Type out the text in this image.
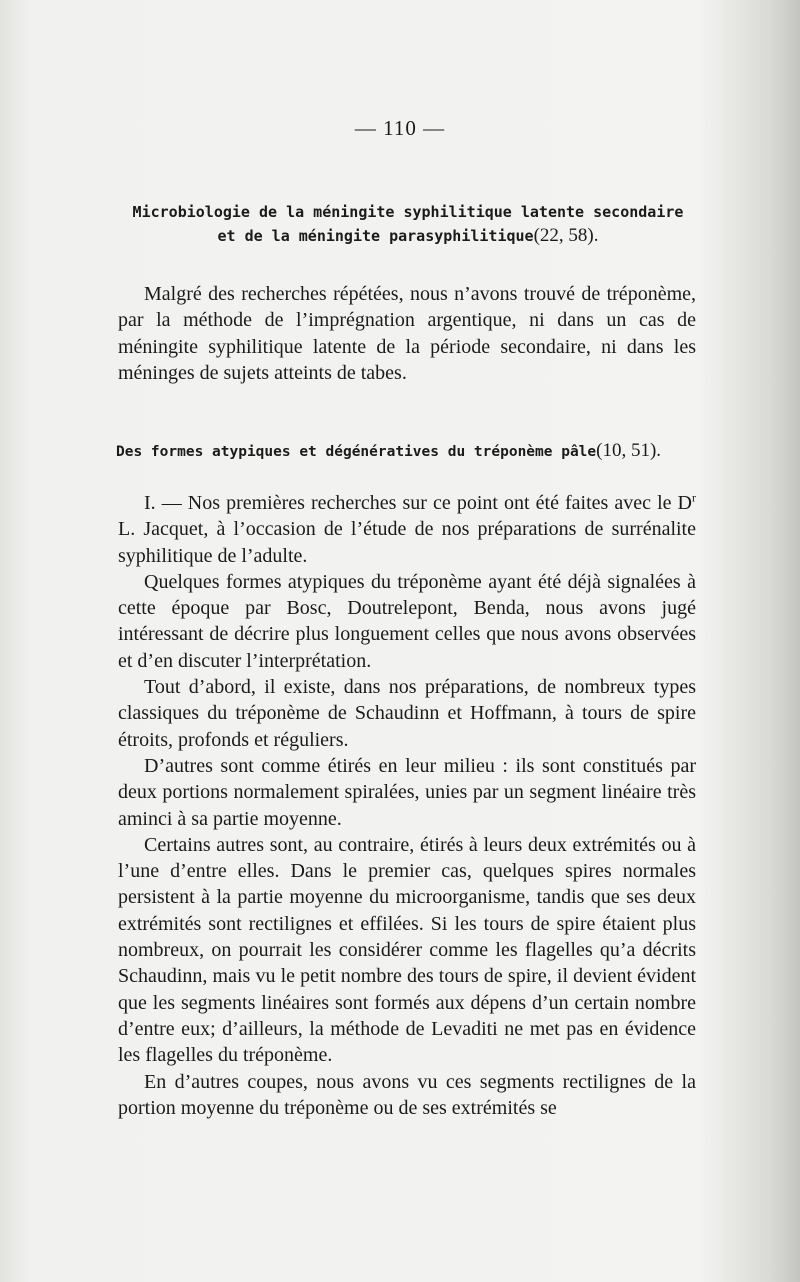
— 110 —
Microbiologie de la méningite syphilitique latente secondaire
et de la méningite parasyphilitique(22, 58).

Malgré des recherches répétées, nous n’avons trouvé de tréponème, par la méthode de l’imprégnation argentique, ni dans un cas de méningite syphilitique latente de la période secondaire, ni dans les méninges de sujets atteints de tabes.

Des formes atypiques et dégénératives du tréponème pâle(10, 51).

I. — Nos premières recherches sur ce point ont été faites avec le $D^r$ L. Jacquet, à l’occasion de l’étude de nos préparations de surrénalite syphilitique de l’adulte.

Quelques formes atypiques du tréponème ayant été déjà signalées à cette époque par Bosc, Doutrelepont, Benda, nous avons jugé intéressant de décrire plus longuement celles que nous avons observées et d’en discuter l’interprétation.

Tout d’abord, il existe, dans nos préparations, de nombreux types classiques du tréponème de Schaudinn et Hoffmann, à tours de spire étroits, profonds et réguliers.

D’autres sont comme étirés en leur milieu : ils sont constitués par deux portions normalement spiralées, unies par un segment linéaire très aminci à sa partie moyenne.

Certains autres sont, au contraire, étirés à leurs deux extrémités ou à l’une d’entre elles. Dans le premier cas, quelques spires normales persistent à la partie moyenne du microorganisme, tandis que ses deux extrémités sont rectilignes et effilées. Si les tours de spire étaient plus nombreux, on pourrait les considérer comme les flagelles qu’a décrits Schaudinn, mais vu le petit nombre des tours de spire, il devient évident que les segments linéaires sont formés aux dépens d’un certain nombre d’entre eux; d’ailleurs, la méthode de Levaditi ne met pas en évidence les flagelles du tréponème.

En d’autres coupes, nous avons vu ces segments rectilignes de la portion moyenne du tréponème ou de ses extrémités se
